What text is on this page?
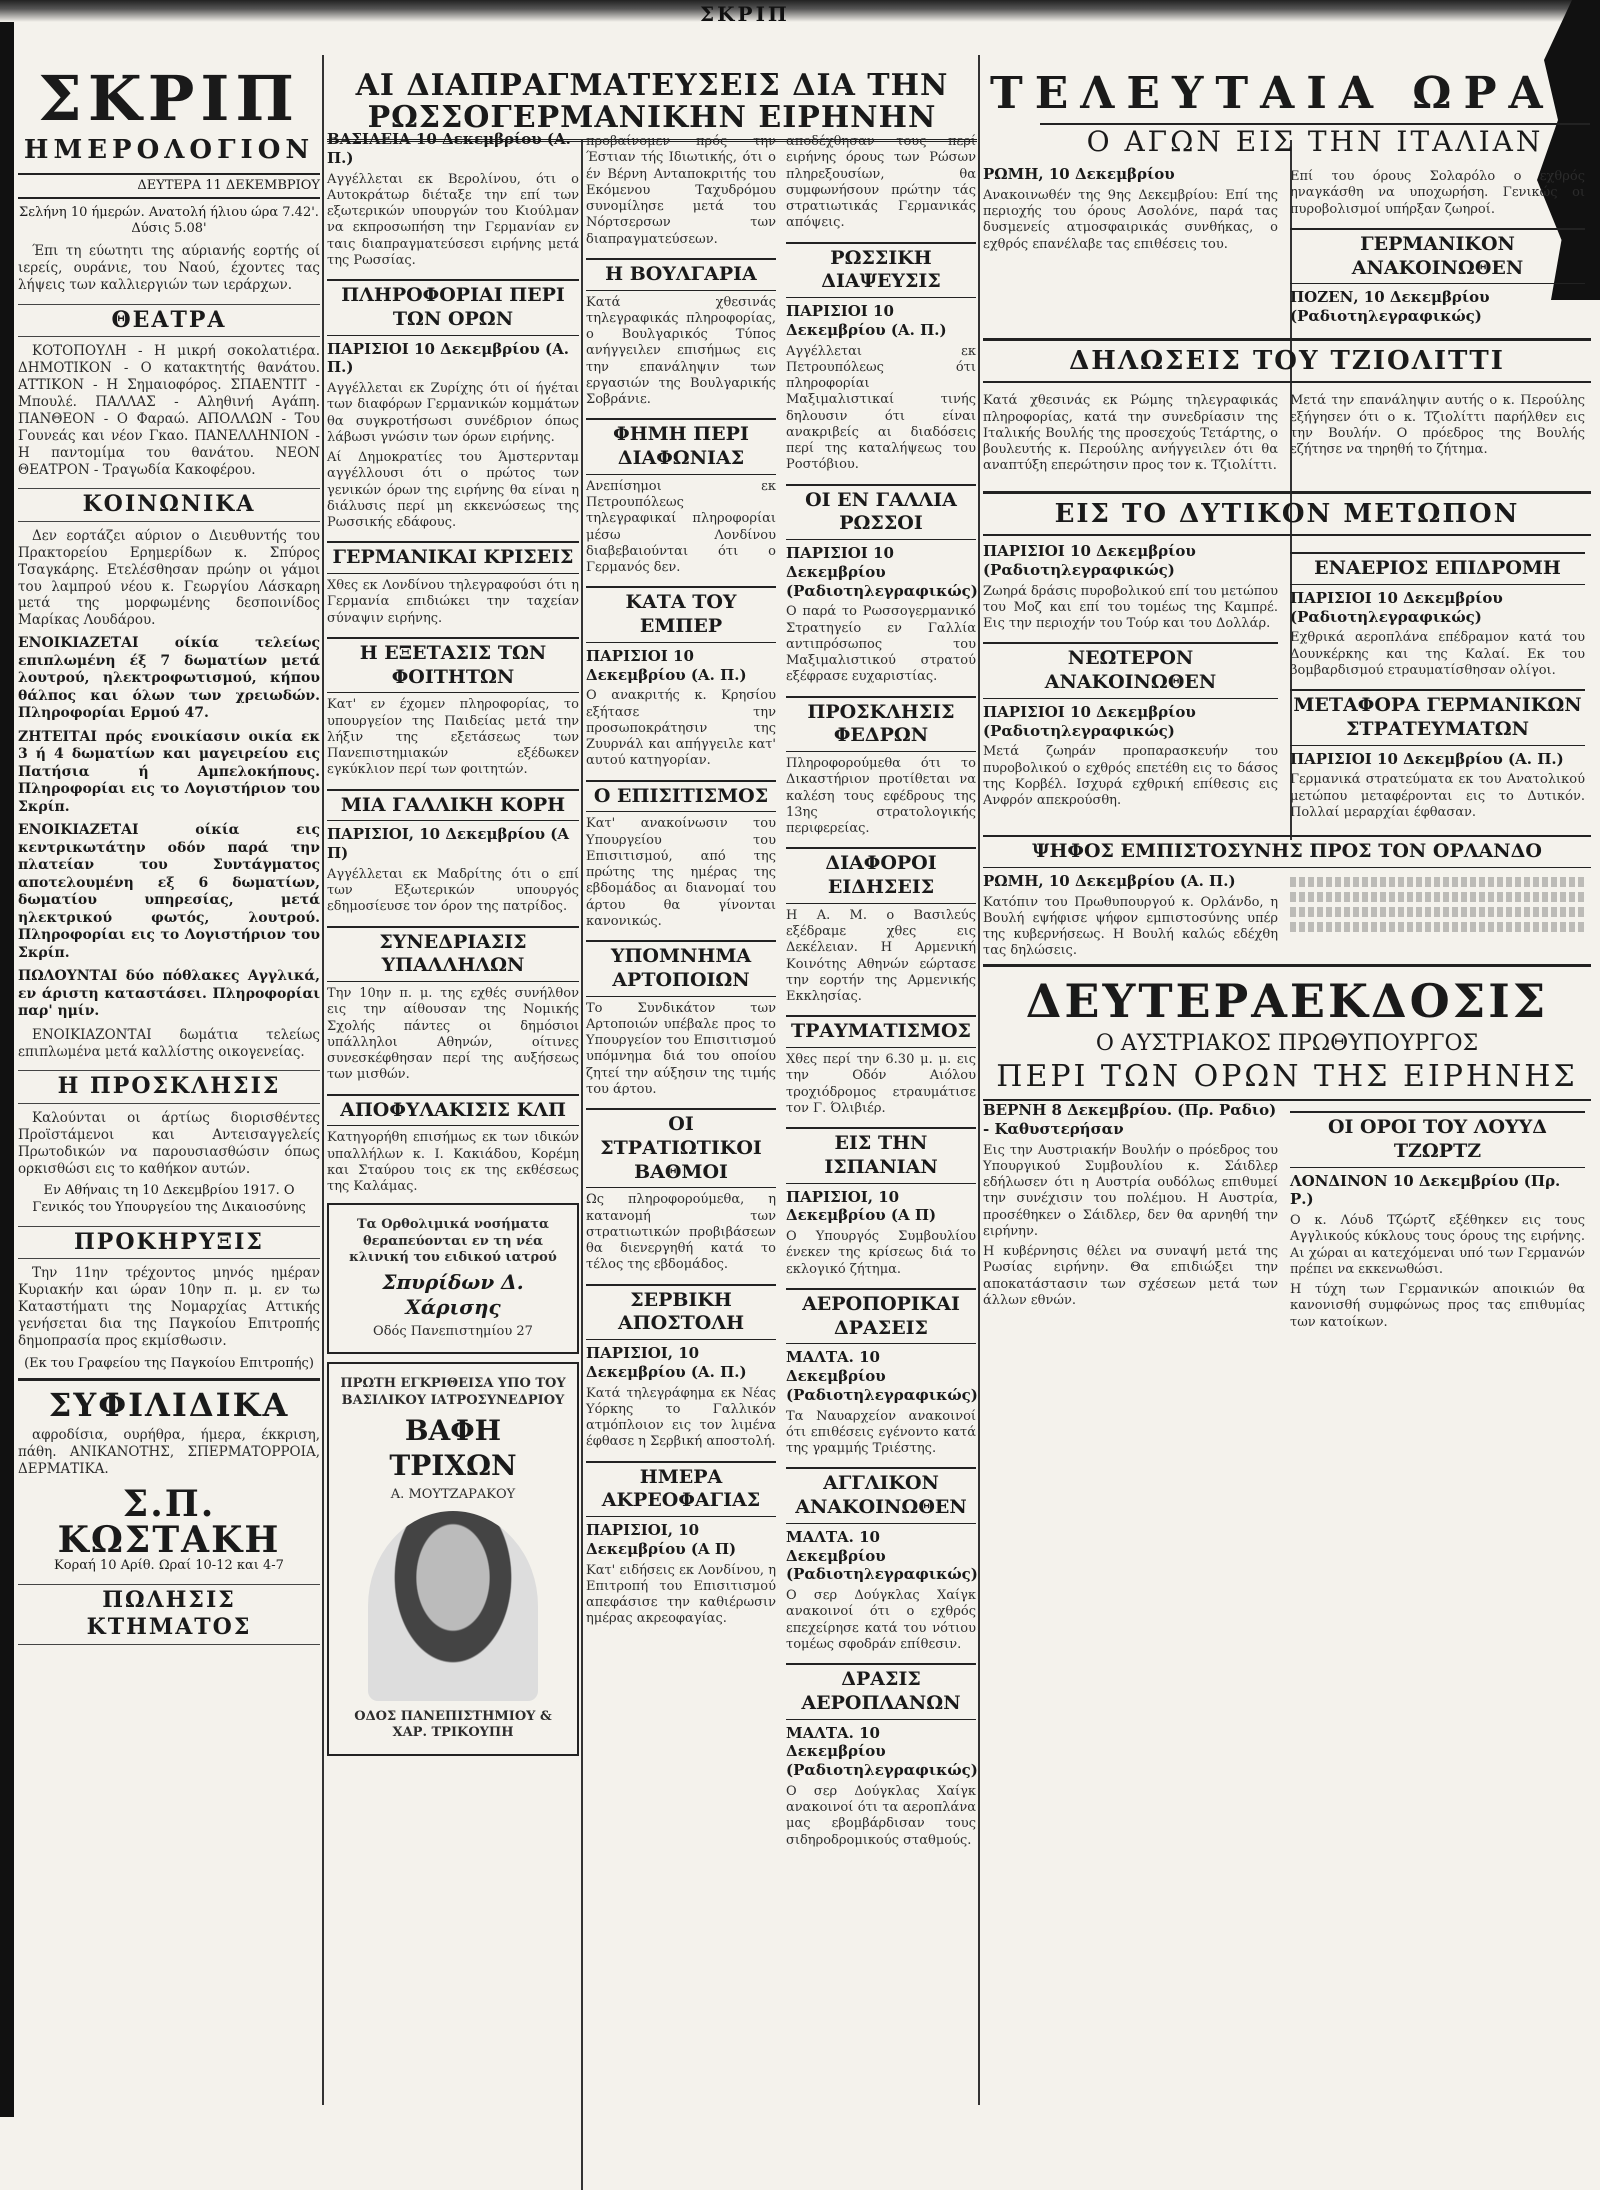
ΣΚΡΙΠ
ΣΚΡΙΠ
ΗΜΕΡΟΛΟΓΙΟΝ
ΔΕΥΤΕΡΑ 11 ΔΕΚΕΜΒΡΙΟΥ
Σελήνη 10 ήμερών. Ανατολή ήλιου ώρα 7.42'. Δύσις 5.08'
Έπι τη εύωτητι της αύριανής εορτής οί ιερείς, ουράνιε, του Ναού, έχοντες τας λήψεις των καλλιεργιών των ιεράρχων.
ΘΕΑΤΡΑ
ΚΟΤΟΠΟΥΛΗ - Η μικρή σοκολατιέρα. ΔΗΜΟΤΙΚΟΝ - Ο κατακτητής θανάτου. ΑΤΤΙΚΟΝ - Η Σημαιοφόρος. ΣΠΑΕΝΤΙΤ - Μπουλέ. ΠΑΛΛΑΣ - Αληθινή Αγάπη. ΠΑΝΘΕΟΝ - Ο Φαραώ. ΑΠΟΛΛΩΝ - Του Γουνεάς και νέον Γκαο. ΠΑΝΕΛΛΗΝΙΟΝ - Η παντομίμα του θανάτου. ΝΕΟΝ ΘΕΑΤΡΟΝ - Τραγωδία Κακοφέρου.
ΚΟΙΝΩΝΙΚΑ
Δεν εορτάζει αύριον ο Διευθυντής του Πρακτορείου Ερημερίδων κ. Σπύρος Τσαγκάρης. Ετελέσθησαν πρώην οι γάμοι του λαμπρού νέου κ. Γεωργίου Λάσκαρη μετά της μορφωμένης δεσποινίδος Μαρίκας Λουδάρου.
ΕΝΟΙΚΙΑΖΕΤΑΙ οίκία τελείως επιπλωμένη έξ 7 δωματίων μετά λουτρού, ηλεκτροφωτισμού, κήπου θάλπος και όλων των χρειωδών. Πληροφορίαι Ερμού 47.
ΖΗΤΕΙΤΑΙ πρός ενοικίασιν οικία εκ 3 ή 4 δωματίων και μαγειρείου εις Πατήσια ή Αμπελοκήπους. Πληροφορίαι εις το Λογιστήριον του Σκρίπ.
ΕΝΟΙΚΙΑΖΕΤΑΙ οίκία εις κεντρικωτάτην οδόν παρά την πλατείαν του Συντάγματος αποτελουμένη εξ 6 δωματίων, δωματίου υπηρεσίας, μετά ηλεκτρικού φωτός, λουτρού. Πληροφορίαι εις το Λογιστήριον του Σκρίπ.
ΠΩΛΟΥΝΤΑΙ δύο πόθλακες Αγγλικά, εν άριστη καταστάσει. Πληροφορίαι παρ' ημίν.
ΕΝΟΙΚΙΑΖΟΝΤΑΙ δωμάτια τελείως επιπλωμένα μετά καλλίστης οικογενείας.
Η ΠΡΟΣΚΛΗΣΙΣ
Καλούνται οι άρτίως διορισθέντες Προϊστάμενοι και Αντεισαγγελείς Πρωτοδικών να παρουσιασθώσιν όπως ορκισθώσι εις το καθήκον αυτών.
Εν Αθήναις τη 10 Δεκεμβρίου 1917. Ο Γενικός του Υπουργείου της Δικαιοσύνης
ΠΡΟΚΗΡΥΞΙΣ
Την 11ην τρέχοντος μηνός ημέραν Κυριακήν και ώραν 10ην π. μ. εν τω Καταστήματι της Νομαρχίας Αττικής γενήσεται δια της Παγκοίου Επιτροπής δημοπρασία προς εκμίσθωσιν.
(Εκ του Γραφείου της Παγκοίου Επιτροπής)
ΣΥΦΙΛΙΔΙΚΑ
αφροδίσια, ουρήθρα, ήμερα, έκκριση, πάθη. ΑΝΙΚΑΝΟΤΗΣ, ΣΠΕΡΜΑΤΟΡΡΟΙΑ, ΔΕΡΜΑΤΙΚΑ.
Σ.Π. ΚΩΣΤΑΚΗ
Κοραή 10 Αρίθ. Ωραί 10-12 και 4-7
ΠΩΛΗΣΙΣ ΚΤΗΜΑΤΟΣ
ΑΙ ΔΙΑΠΡΑΓΜΑΤΕΥΣΕΙΣ ΔΙΑ ΤΗΝ ΡΩΣΣΟΓΕΡΜΑΝΙΚΗΝ ΕΙΡΗΝΗΝ
ΒΑΣΙΛΕΙΑ 10 Δεκεμβρίου (Α. Π.)
Αγγέλλεται εκ Βερολίνου, ότι ο Αυτοκράτωρ διέταξε την επί των εξωτερικών υπουργών του Κιούλμαν να εκπροσωπήση την Γερμανίαν εν ταις διαπραγματεύσεσι ειρήνης μετά της Ρωσσίας.
ΠΛΗΡΟΦΟΡΙΑΙ ΠΕΡΙ ΤΩΝ ΟΡΩΝ
ΠΑΡΙΣΙΟΙ 10 Δεκεμβρίου (Α. Π.)
Αγγέλλεται εκ Ζυρίχης ότι οί ήγέται των διαφόρων Γερμανικών κομμάτων θα συγκροτήσωσι συνέδριον όπως λάβωσι γνώσιν των όρων ειρήνης.
Αί Δημοκρατίες του Άμστερνταμ αγγέλλουσι ότι ο πρώτος των γενικών όρων της ειρήνης θα είναι η διάλυσις περί μη εκκενώσεως της Ρωσσικής εδάφους.
ΓΕΡΜΑΝΙΚΑΙ ΚΡΙΣΕΙΣ
Χθες εκ Λονδίνου τηλεγραφούσι ότι η Γερμανία επιδιώκει την ταχείαν σύναψιν ειρήνης.
Η ΕΞΕΤΑΣΙΣ ΤΩΝ ΦΟΙΤΗΤΩΝ
Κατ' εν έχομεν πληροφορίας, το υπουργείον της Παιδείας μετά την λήξιν της εξετάσεως των Πανεπιστημιακών εξέδωκεν εγκύκλιον περί των φοιτητών.
ΜΙΑ ΓΑΛΛΙΚΗ ΚΟΡΗ
ΠΑΡΙΣΙΟΙ, 10 Δεκεμβρίου (Α Π)
Αγγέλλεται εκ Μαδρίτης ότι ο επί των Εξωτερικών υπουργός εδημοσίευσε τον όρον της πατρίδος.
ΣΥΝΕΔΡΙΑΣΙΣ ΥΠΑΛΛΗΛΩΝ
Την 10ην π. μ. της εχθές συνήλθον εις την αίθουσαν της Νομικής Σχολής πάντες οι δημόσιοι υπάλληλοι Αθηνών, οίτινες συνεσκέφθησαν περί της αυξήσεως των μισθών.
ΑΠΟΦΥΛΑΚΙΣΙΣ ΚΛΠ
Κατηγορήθη επισήμως εκ των ιδικών υπαλλήλων κ. Ι. Κακιάδου, Κορέμη και Σταύρου τοις εκ της εκθέσεως της Καλάμας.
Τα Ορθολιμικά νοσήματα θεραπεύονται εν τη νέα κλινική του ειδικού ιατρού
Σπυρίδων Δ. Χάρισης
Οδός Πανεπιστημίου 27
ΠΡΩΤΗ ΕΓΚΡΙΘΕΙΣΑ ΥΠΟ ΤΟΥ ΒΑΣΙΛΙΚΟΥ ΙΑΤΡΟΣΥΝΕΔΡΙΟΥ
ΒΑΦΗ ΤΡΙΧΩΝ
Α. ΜΟΥΤΖΑΡΑΚΟΥ
ΟΔΟΣ ΠΑΝΕΠΙΣΤΗΜΙΟΥ & ΧΑΡ. ΤΡΙΚΟΥΠΗ
προβαίνομεν πρός την Έστιαν τής Ιδιωτικής, ότι ο έν Βέρνη Ανταποκριτής του Εκόμενου Ταχυδρόμου συνομίλησε μετά του Νόρτσερσων των διαπραγματεύσεων.
Η ΒΟΥΛΓΑΡΙΑ
Κατά χθεσινάς τηλεγραφικάς πληροφορίας, ο Βουλγαρικός Τύπος ανήγγειλεν επισήμως εις την επανάληψιν των εργασιών της Βουλγαρικής Σοβράνιε.
ΦΗΜΗ ΠΕΡΙ ΔΙΑΦΩΝΙΑΣ
Ανεπίσημοι εκ Πετρουπόλεως τηλεγραφικαί πληροφορίαι μέσω Λονδίνου διαβεβαιούνται ότι ο Γερμανός δεν.
ΚΑΤΑ ΤΟΥ ΕΜΠΕΡ
ΠΑΡΙΣΙΟΙ 10 Δεκεμβρίου (Α. Π.)
Ο ανακριτής κ. Κρησίου εξήτασε την προσωποκράτησιν της Ζυυρνάλ και απήγγειλε κατ' αυτού κατηγορίαν.
Ο ΕΠΙΣΙΤΙΣΜΟΣ
Κατ' ανακοίνωσιν του Υπουργείου του Επισιτισμού, από της πρώτης της ημέρας της εβδομάδος αι διανομαί του άρτου θα γίνονται κανονικώς.
ΥΠΟΜΝΗΜΑ ΑΡΤΟΠΟΙΩΝ
Το Συνδικάτον των Αρτοποιών υπέβαλε προς το Υπουργείον του Επισιτισμού υπόμνημα διά του οποίου ζητεί την αύξησιν της τιμής του άρτου.
ΟΙ ΣΤΡΑΤΙΩΤΙΚΟΙ ΒΑΘΜΟΙ
Ως πληροφορούμεθα, η κατανομή των στρατιωτικών προβιβάσεων θα διενεργηθή κατά το τέλος της εβδομάδος.
ΣΕΡΒΙΚΗ ΑΠΟΣΤΟΛΗ
ΠΑΡΙΣΙΟΙ, 10 Δεκεμβρίου (Α. Π.)
Κατά τηλεγράφημα εκ Νέας Υόρκης το Γαλλικόν ατμόπλοιον εις τον λιμένα έφθασε η Σερβική αποστολή.
ΗΜΕΡΑ ΑΚΡΕΟΦΑΓΙΑΣ
ΠΑΡΙΣΙΟΙ, 10 Δεκεμβρίου (Α Π)
Κατ' ειδήσεις εκ Λονδίνου, η Επιτροπή του Επισιτισμού απεφάσισε την καθιέρωσιν ημέρας ακρεοφαγίας.
αποδέχθησαν τους περί ειρήνης όρους των Ρώσων πληρεξουσίων, θα συμφωνήσουν πρώτην τάς στρατιωτικάς Γερμανικάς απόψεις.
ΡΩΣΣΙΚΗ ΔΙΑΨΕΥΣΙΣ
ΠΑΡΙΣΙΟΙ 10 Δεκεμβρίου (Α. Π.)
Αγγέλλεται εκ Πετρουπόλεως ότι πληροφορίαι Μαξιμαλιστικαί τινής δηλουσιν ότι είναι ανακριβείς αι διαδόσεις περί της καταλήψεως του Ροστόβιου.
ΟΙ ΕΝ ΓΑΛΛΙΑ ΡΩΣΣΟΙ
ΠΑΡΙΣΙΟΙ 10 Δεκεμβρίου (Ραδιοτηλεγραφικώς)
Ο παρά το Ρωσσογερμανικό Στρατηγείο εν Γαλλία αντιπρόσωπος του Μαξιμαλιστικού στρατού εξέφρασε ευχαριστίας.
ΠΡΟΣΚΛΗΣΙΣ ΦΕΔΡΩΝ
Πληροφορούμεθα ότι το Δικαστήριον προτίθεται να καλέση τους εφέδρους της 13ης στρατολογικής περιφερείας.
ΔΙΑΦΟΡΟΙ ΕΙΔΗΣΕΙΣ
Η Α. Μ. ο Βασιλεύς εξέδραμε χθες εις Δεκέλειαν. Η Αρμενική Κοινότης Αθηνών εώρτασε την εορτήν της Αρμενικής Εκκλησίας.
ΤΡΑΥΜΑΤΙΣΜΟΣ
Χθες περί την 6.30 μ. μ. εις την Οδόν Αιόλου τροχιόδρομος ετραυμάτισε τον Γ. Όλιβιέρ.
ΕΙΣ ΤΗΝ ΙΣΠΑΝΙΑΝ
ΠΑΡΙΣΙΟΙ, 10 Δεκεμβρίου (Α Π)
Ο Υπουργός Συμβουλίου ένεκεν της κρίσεως διά το εκλογικό ζήτημα.
ΑΕΡΟΠΟΡΙΚΑΙ ΔΡΑΣΕΙΣ
ΜΑΛΤΑ. 10 Δεκεμβρίου (Ραδιοτηλεγραφικώς)
Τα Ναυαρχείον ανακοινοί ότι επιθέσεις εγένοντο κατά της γραμμής Τριέστης.
ΑΓΓΛΙΚΟΝ ΑΝΑΚΟΙΝΩΘΕΝ
ΜΑΛΤΑ. 10 Δεκεμβρίου (Ραδιοτηλεγραφικώς)
Ο σερ Δούγκλας Χαίγκ ανακοινοί ότι ο εχθρός επεχείρησε κατά του νότιου τομέως σφοδράν επίθεσιν.
ΔΡΑΣΙΣ ΑΕΡΟΠΛΑΝΩΝ
ΜΑΛΤΑ. 10 Δεκεμβρίου (Ραδιοτηλεγραφικώς)
Ο σερ Δούγκλας Χαίγκ ανακοινοί ότι τα αεροπλάνα μας εβομβάρδισαν τους σιδηροδρομικούς σταθμούς.
ΤΕΛΕΥΤΑΙΑ ΩΡΑ
Ο ΑΓΩΝ ΕΙΣ ΤΗΝ ΙΤΑΛΙΑΝ
ΡΩΜΗ, 10 Δεκεμβρίου
Ανακοινωθέν της 9ης Δεκεμβρίου: Επί της περιοχής του όρους Ασολόνε, παρά τας δυσμενείς ατμοσφαιρικάς συνθήκας, ο εχθρός επανέλαβε τας επιθέσεις του.
Επί του όρους Σολαρόλο ο εχθρός ηναγκάσθη να υποχωρήση. Γενικώς οι πυροβολισμοί υπήρξαν ζωηροί.
ΓΕΡΜΑΝΙΚΟΝ ΑΝΑΚΟΙΝΩΘΕΝ
ΠΟΖΕΝ, 10 Δεκεμβρίου (Ραδιοτηλεγραφικώς)
ΔΗΛΩΣΕΙΣ ΤΟΥ ΤΖΙΟΛΙΤΤΙ
Κατά χθεσινάς εκ Ρώμης τηλεγραφικάς πληροφορίας, κατά την συνεδρίασιν της Ιταλικής Βουλής της προσεχούς Τετάρτης, ο βουλευτής κ. Περούλης ανήγγειλεν ότι θα αναπτύξη επερώτησιν προς τον κ. Τζιολίττι.
Μετά την επανάληψιν αυτής ο κ. Περούλης εξήγησεν ότι ο κ. Τζιολίττι παρήλθεν εις την Βουλήν. Ο πρόεδρος της Βουλής εζήτησε να τηρηθή το ζήτημα.
ΕΙΣ ΤΟ ΔΥΤΙΚΟΝ ΜΕΤΩΠΟΝ
ΠΑΡΙΣΙΟΙ 10 Δεκεμβρίου (Ραδιοτηλεγραφικώς)
Ζωηρά δράσις πυροβολικού επί του μετώπου του Μοζ και επί του τομέως της Καμπρέ. Εις την περιοχήν του Τούρ και του Δολλάρ.
ΝΕΩΤΕΡΟΝ ΑΝΑΚΟΙΝΩΘΕΝ
ΠΑΡΙΣΙΟΙ 10 Δεκεμβρίου (Ραδιοτηλεγραφικώς)
Μετά ζωηράν προπαρασκευήν του πυροβολικού ο εχθρός επετέθη εις το δάσος της Κορβέλ. Ισχυρά εχθρική επίθεσις εις Ανφρόν απεκρούσθη.
ΕΝΑΕΡΙΟΣ ΕΠΙΔΡΟΜΗ
ΠΑΡΙΣΙΟΙ 10 Δεκεμβρίου (Ραδιοτηλεγραφικώς)
Εχθρικά αεροπλάνα επέδραμον κατά του Δουνκέρκης και της Καλαί. Εκ του βομβαρδισμού ετραυματίσθησαν ολίγοι.
ΜΕΤΑΦΟΡΑ ΓΕΡΜΑΝΙΚΩΝ ΣΤΡΑΤΕΥΜΑΤΩΝ
ΠΑΡΙΣΙΟΙ 10 Δεκεμβρίου (Α. Π.)
Γερμανικά στρατεύματα εκ του Ανατολικού μετώπου μεταφέρονται εις το Δυτικόν. Πολλαί μεραρχίαι έφθασαν.
ΨΗΦΟΣ ΕΜΠΙΣΤΟΣΥΝΗΣ ΠΡΟΣ ΤΟΝ ΟΡΛΑΝΔΟ
ΡΩΜΗ, 10 Δεκεμβρίου (Α. Π.)
Κατόπιν του Πρωθυπουργού κ. Ορλάνδο, η Βουλή εψήφισε ψήφον εμπιστοσύνης υπέρ της κυβερνήσεως. Η Βουλή καλώς εδέχθη τας δηλώσεις.
ΔΕΥΤΕΡΑΕΚΔΟΣΙΣ
Ο ΑΥΣΤΡΙΑΚΟΣ ΠΡΩΘΥΠΟΥΡΓΟΣ
ΠΕΡΙ ΤΩΝ ΟΡΩΝ ΤΗΣ ΕΙΡΗΝΗΣ
ΒΕΡΝΗ 8 Δεκεμβρίου. (Πρ. Ραδιο) - Καθυστερήσαν
Εις την Αυστριακήν Βουλήν ο πρόεδρος του Υπουργικού Συμβουλίου κ. Σάιδλερ εδήλωσεν ότι η Αυστρία ουδόλως επιθυμεί την συνέχισιν του πολέμου. Η Αυστρία, προσέθηκεν ο Σάιδλερ, δεν θα αρνηθή την ειρήνην.
Η κυβέρνησις θέλει να συναψή μετά της Ρωσίας ειρήνην. Θα επιδιώξει την αποκατάστασιν των σχέσεων μετά των άλλων εθνών.
ΟΙ ΟΡΟΙ ΤΟΥ ΛΟΥΥΔ ΤΖΩΡΤΖ
ΛΟΝΔΙΝΟΝ 10 Δεκεμβρίου (Πρ. Ρ.)
Ο κ. Λόυδ Τζώρτζ εξέθηκεν εις τους Αγγλικούς κύκλους τους όρους της ειρήνης. Αι χώραι αι κατεχόμεναι υπό των Γερμανών πρέπει να εκκενωθώσι.
Η τύχη των Γερμανικών αποικιών θα κανονισθή συμφώνως προς τας επιθυμίας των κατοίκων.
